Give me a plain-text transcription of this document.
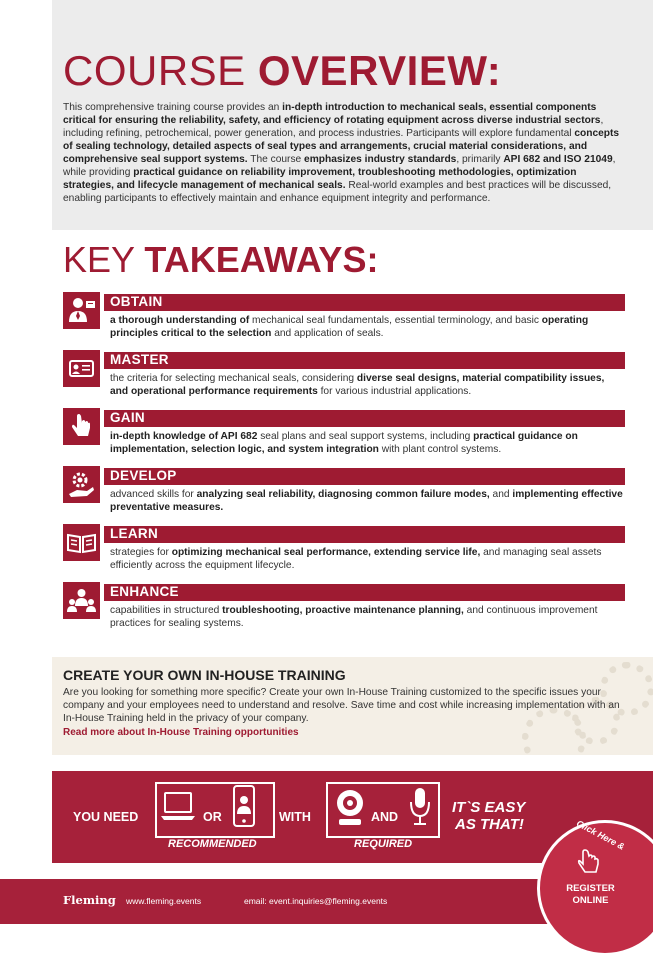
COURSE OVERVIEW:
This comprehensive training course provides an in-depth introduction to mechanical seals, essential components critical for ensuring the reliability, safety, and efficiency of rotating equipment across diverse industrial sectors, including refining, petrochemical, power generation, and process industries. Participants will explore fundamental concepts of sealing technology, detailed aspects of seal types and arrangements, crucial material considerations, and comprehensive seal support systems. The course emphasizes industry standards, primarily API 682 and ISO 21049, while providing practical guidance on reliability improvement, troubleshooting methodologies, optimization strategies, and lifecycle management of mechanical seals. Real-world examples and best practices will be discussed, enabling participants to effectively maintain and enhance equipment integrity and performance.
KEY TAKEAWAYS:
OBTAIN
a thorough understanding of mechanical seal fundamentals, essential terminology, and basic operating principles critical to the selection and application of seals.
MASTER
the criteria for selecting mechanical seals, considering diverse seal designs, material compatibility issues, and operational performance requirements for various industrial applications.
GAIN
in-depth knowledge of API 682 seal plans and seal support systems, including practical guidance on implementation, selection logic, and system integration with plant control systems.
DEVELOP
advanced skills for analyzing seal reliability, diagnosing common failure modes, and implementing effective preventative measures.
LEARN
strategies for optimizing mechanical seal performance, extending service life, and managing seal assets efficiently across the equipment lifecycle.
ENHANCE
capabilities in structured troubleshooting, proactive maintenance planning, and continuous improvement practices for sealing systems.
CREATE YOUR OWN IN-HOUSE TRAINING
Are you looking for something more specific? Create your own In-House Training customized to the specific issues your company and your employees need to understand and resolve. Save time and cost while increasing implementation with an In-House Training held in the privacy of your company.
Read more about In-House Training opportunities
YOU NEED	OR
RECOMMENDED
WITH	AND
REQUIRED
IT`S EASY
AS THAT!
Fleming www.fleming.events	email: event.inquiries@fleming.events
Click Here &
REGISTER
ONLINE
